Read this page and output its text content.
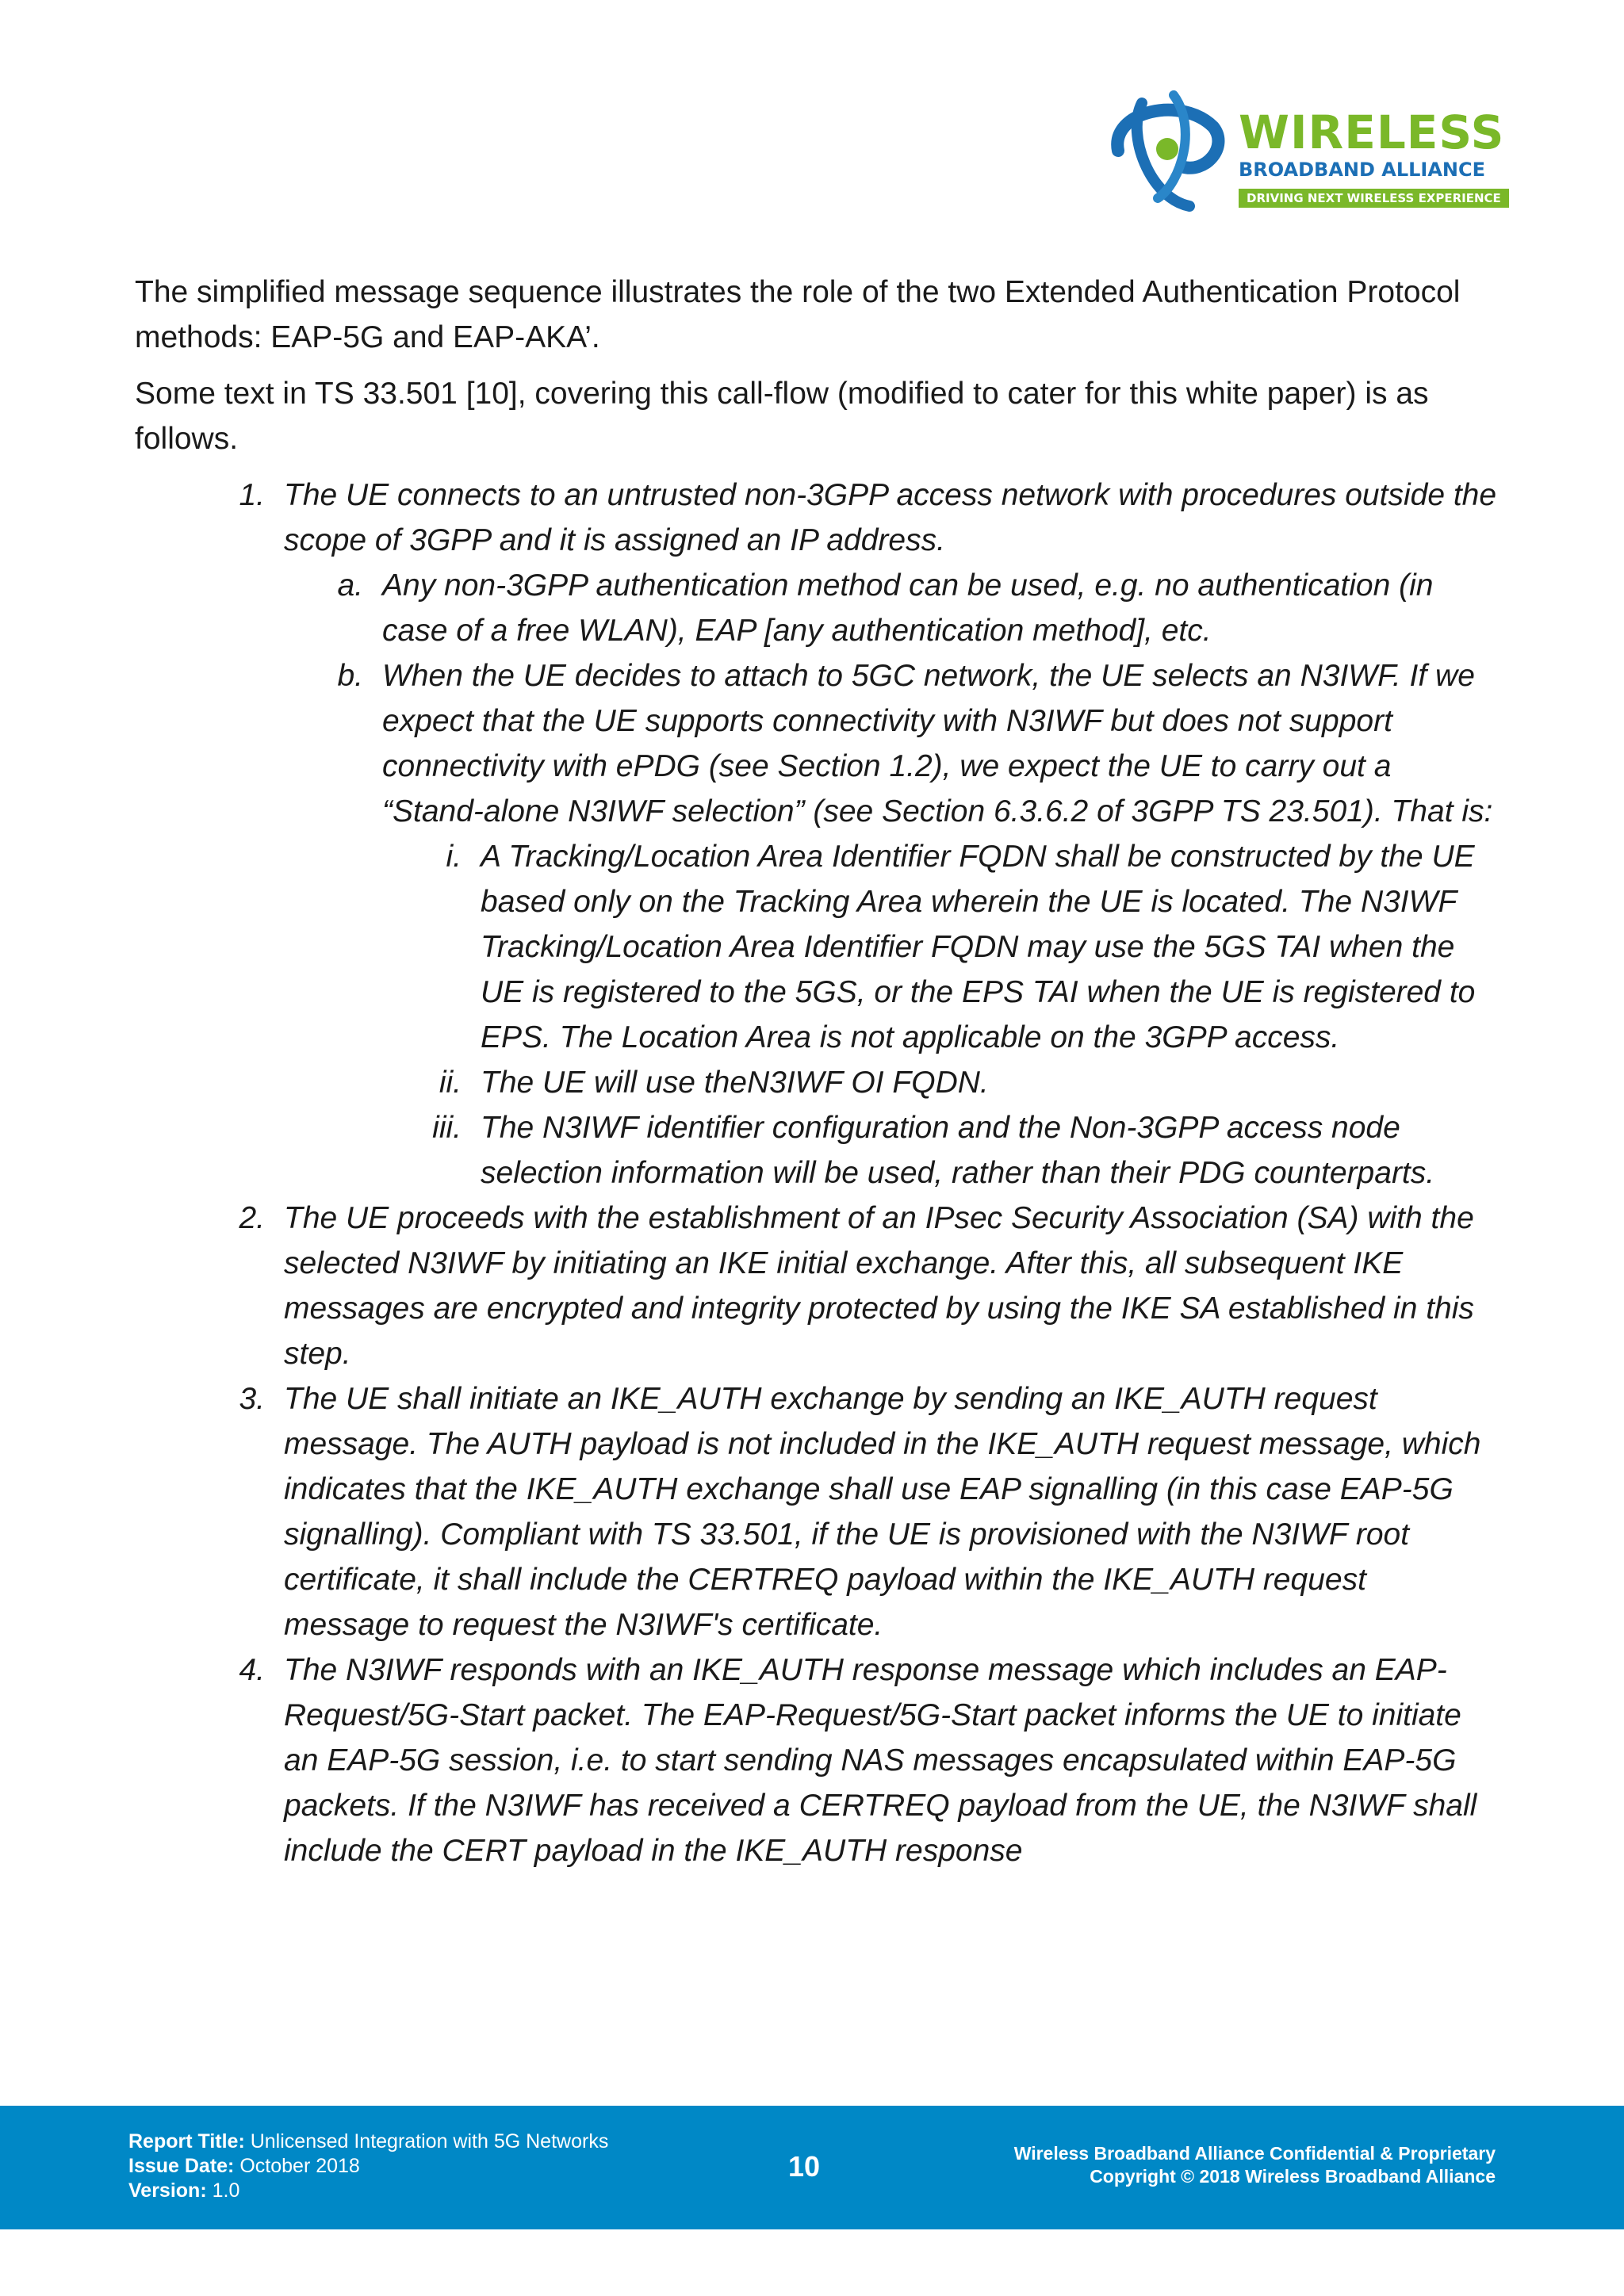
WIRELESS
BROADBAND ALLIANCE
DRIVING NEXT WIRELESS EXPERIENCE

The simplified message sequence illustrates the role of the two Extended Authentication Protocol methods: EAP-5G and EAP-AKA’.

Some text in TS 33.501 [10], covering this call-flow (modified to cater for this white paper) is as follows.

1. The UE connects to an untrusted non-3GPP access network with procedures outside the scope of 3GPP and it is assigned an IP address.
a. Any non-3GPP authentication method can be used, e.g. no authentication (in case of a free WLAN), EAP [any authentication method], etc.
b. When the UE decides to attach to 5GC network, the UE selects an N3IWF. If we expect that the UE supports connectivity with N3IWF but does not support connectivity with ePDG (see Section 1.2), we expect the UE to carry out a “Stand-alone N3IWF selection” (see Section 6.3.6.2 of 3GPP TS 23.501). That is:
i. A Tracking/Location Area Identifier FQDN shall be constructed by the UE based only on the Tracking Area wherein the UE is located. The N3IWF Tracking/Location Area Identifier FQDN may use the 5GS TAI when the UE is registered to the 5GS, or the EPS TAI when the UE is registered to EPS. The Location Area is not applicable on the 3GPP access.
ii. The UE will use theN3IWF OI FQDN.
iii. The N3IWF identifier configuration and the Non-3GPP access node selection information will be used, rather than their PDG counterparts.
2. The UE proceeds with the establishment of an IPsec Security Association (SA) with the selected N3IWF by initiating an IKE initial exchange. After this, all subsequent IKE messages are encrypted and integrity protected by using the IKE SA established in this step.
3. The UE shall initiate an IKE_AUTH exchange by sending an IKE_AUTH request message. The AUTH payload is not included in the IKE_AUTH request message, which indicates that the IKE_AUTH exchange shall use EAP signalling (in this case EAP-5G signalling). Compliant with TS 33.501, if the UE is provisioned with the N3IWF root certificate, it shall include the CERTREQ payload within the IKE_AUTH request message to request the N3IWF's certificate.
4. The N3IWF responds with an IKE_AUTH response message which includes an EAP-Request/5G-Start packet. The EAP-Request/5G-Start packet informs the UE to initiate an EAP-5G session, i.e. to start sending NAS messages encapsulated within EAP-5G packets. If the N3IWF has received a CERTREQ payload from the UE, the N3IWF shall include the CERT payload in the IKE_AUTH response
Report Title: Unlicensed Integration with 5G Networks
Issue Date: October 2018
Version: 1.0
10	Wireless Broadband Alliance Confidential & Proprietary
Copyright © 2018 Wireless Broadband Alliance
